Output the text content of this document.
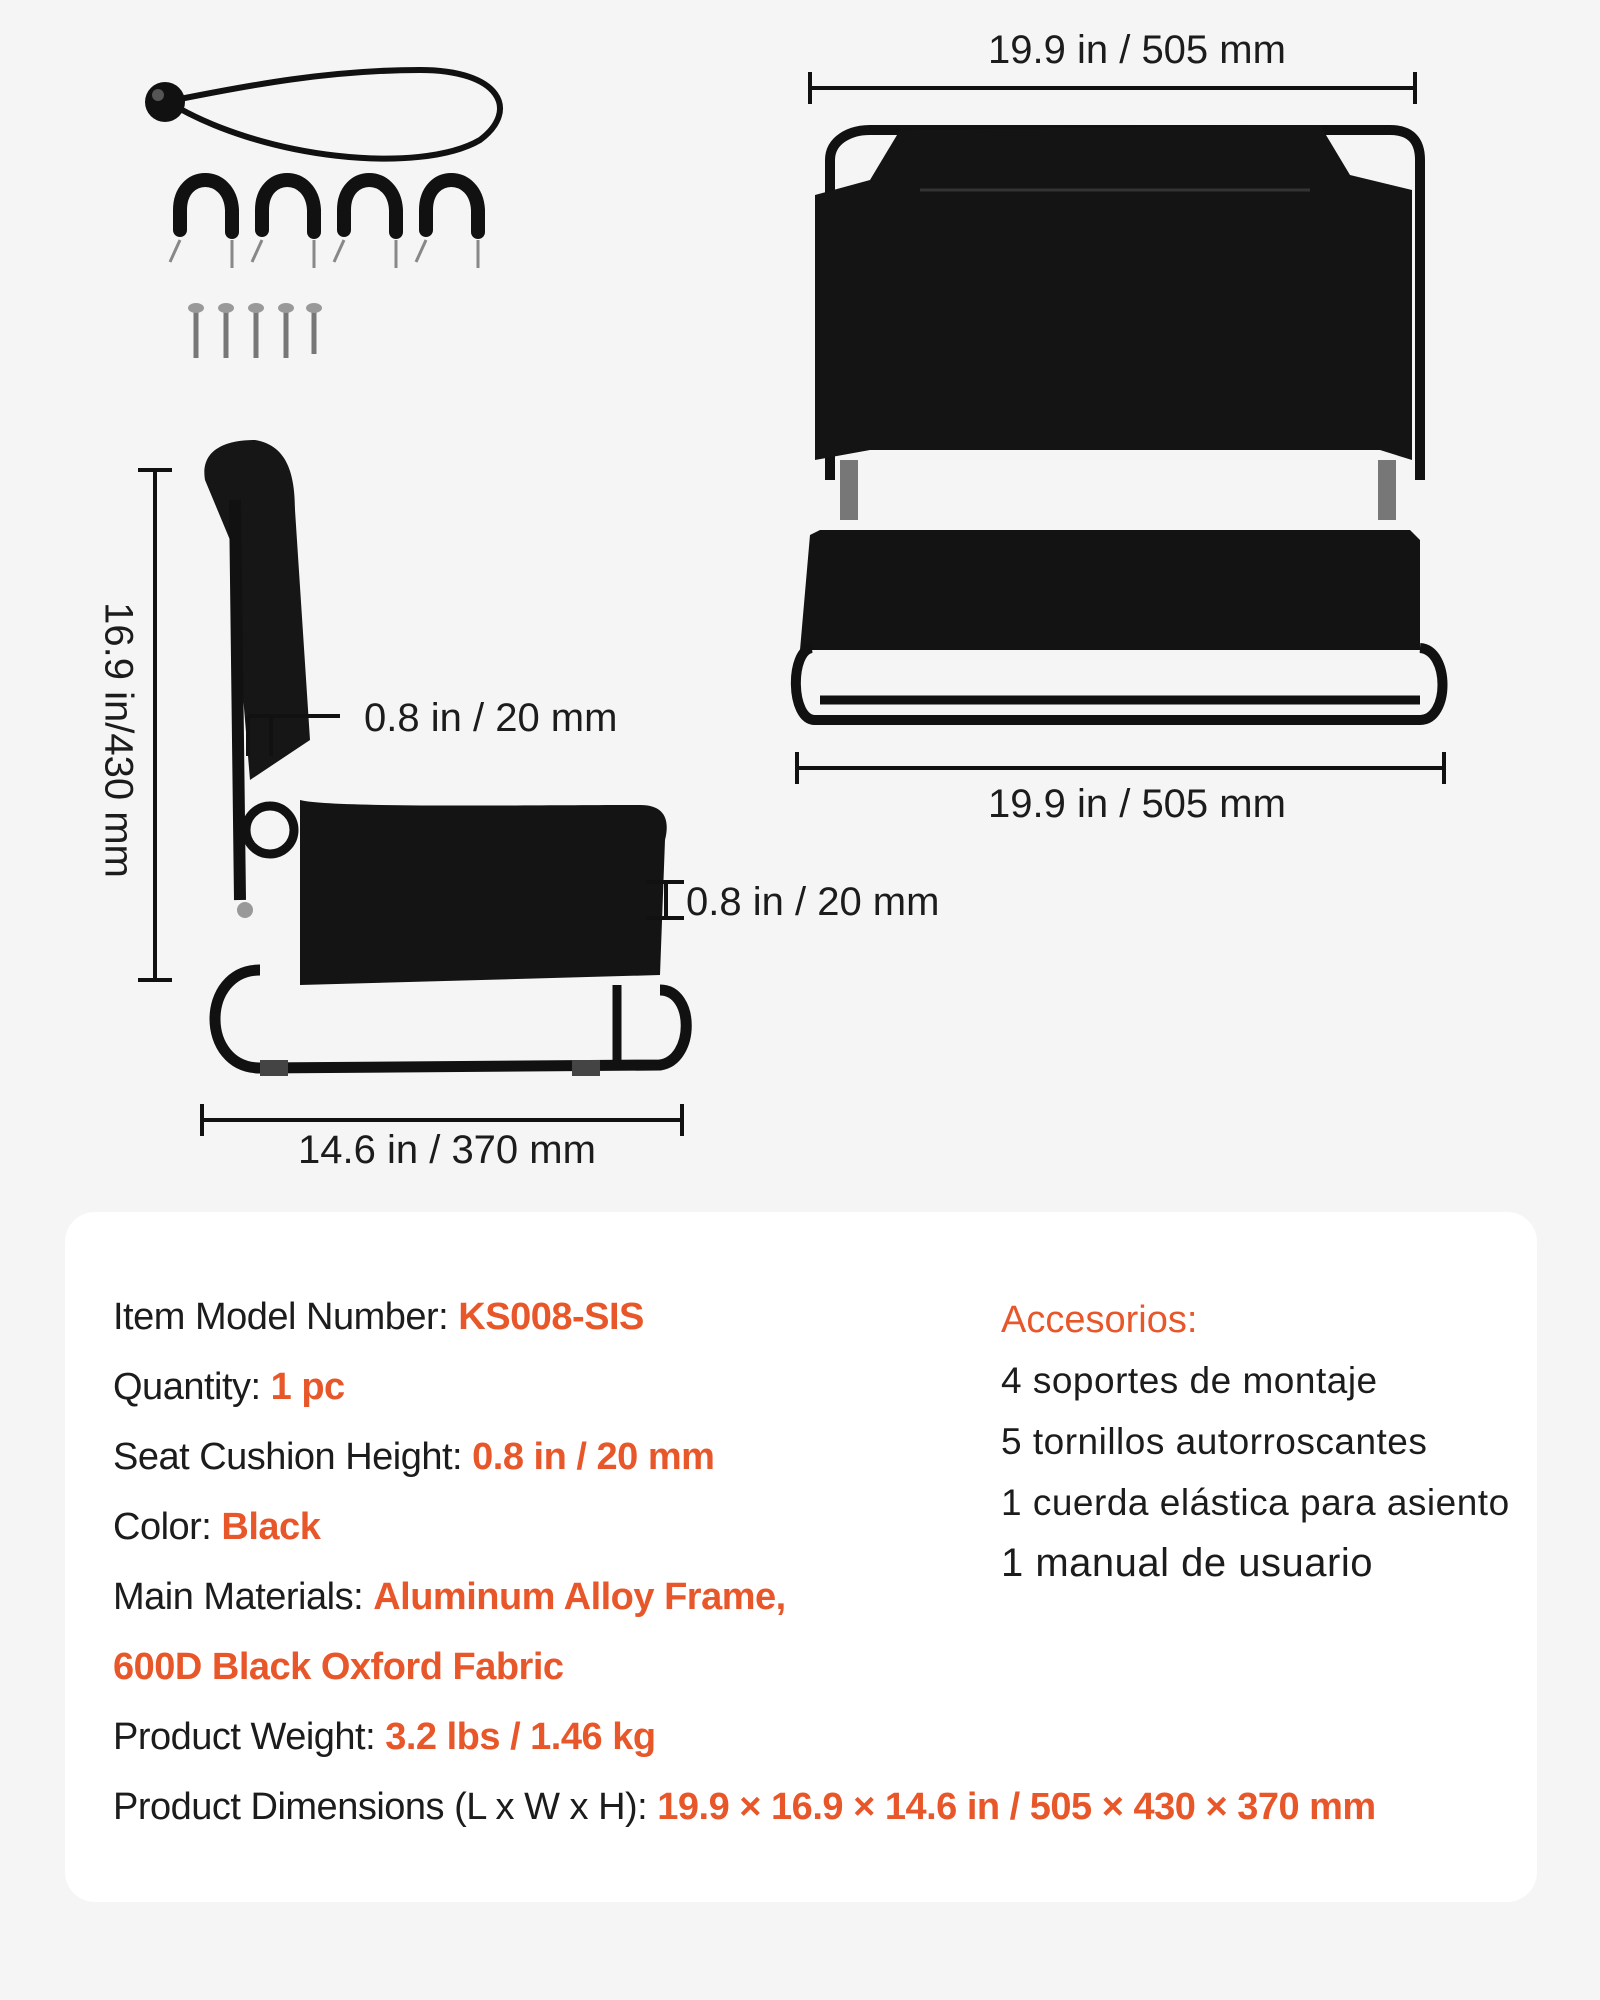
19.9 in / 505 mm
19.9 in / 505 mm
16.9 in/430 mm	0.8 in / 20 mm
0.8 in / 20 mm
14.6 in / 370 mm
Item Model Number: KS008-SIS
Quantity: 1 pc
Seat Cushion Height: 0.8 in / 20 mm
Color: Black
Main Materials: Aluminum Alloy Frame,
600D Black Oxford Fabric
Product Weight: 3.2 lbs / 1.46 kg
Product Dimensions (L x W x H): 19.9 × 16.9 × 14.6 in / 505 × 430 × 370 mm
Accesorios:
4 soportes de montaje
5 tornillos autorroscantes
1 cuerda elástica para asiento
1 manual de usuario
